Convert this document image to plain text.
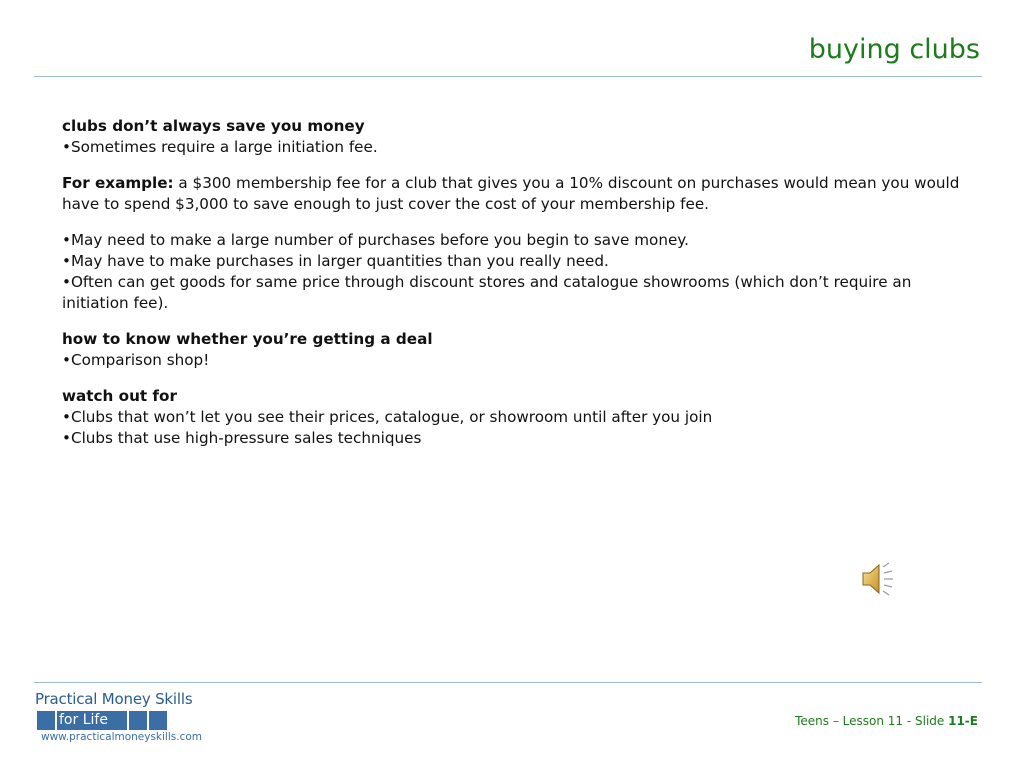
buying clubs

clubs don’t always save you money

•Sometimes require a large initiation fee.

For example: a $300 membership fee for a club that gives you a 10% discount on purchases would mean you would have to spend $3,000 to save enough to just cover the cost of your membership fee.

•May need to make a large number of purchases before you begin to save money.

•May have to make purchases in larger quantities than you really need.

•Often can get goods for same price through discount stores and catalogue showrooms (which don’t require an initiation fee).

how to know whether you’re getting a deal

•Comparison shop!

watch out for

•Clubs that won’t let you see their prices, catalogue, or showroom until after you join

•Clubs that use high-pressure sales techniques

Practical Money Skills
for Life
www.practicalmoneyskills.com
Teens – Lesson 11 - Slide 11-E
